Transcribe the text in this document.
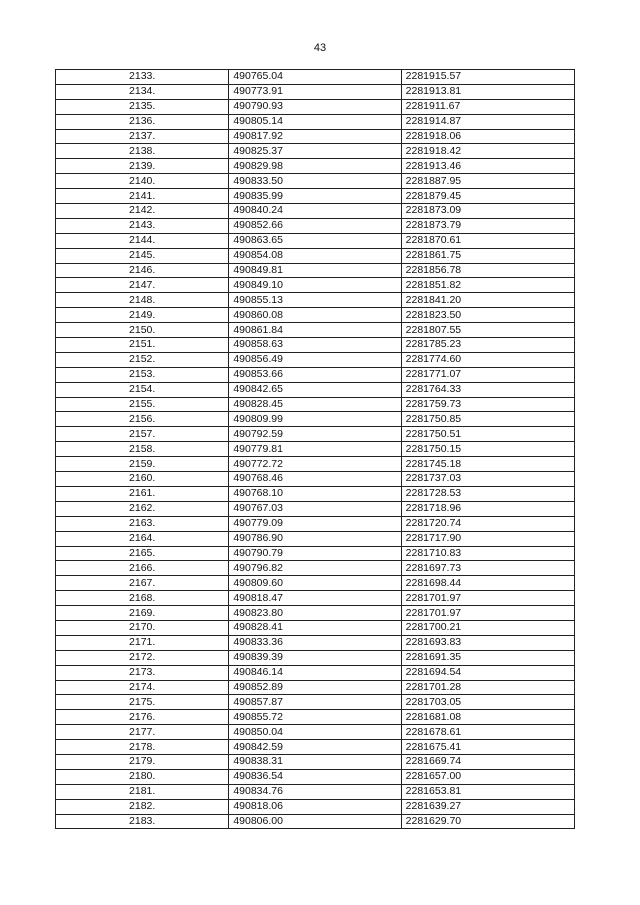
43
2133.	490765.04	2281915.57
2134.	490773.91	2281913.81
2135.	490790.93	2281911.67
2136.	490805.14	2281914.87
2137.	490817.92	2281918.06
2138.	490825.37	2281918.42
2139.	490829.98	2281913.46
2140.	490833.50	2281887.95
2141.	490835.99	2281879.45
2142.	490840.24	2281873.09
2143.	490852.66	2281873.79
2144.	490863.65	2281870.61
2145.	490854.08	2281861.75
2146.	490849.81	2281856.78
2147.	490849.10	2281851.82
2148.	490855.13	2281841.20
2149.	490860.08	2281823.50
2150.	490861.84	2281807.55
2151.	490858.63	2281785.23
2152.	490856.49	2281774.60
2153.	490853.66	2281771.07
2154.	490842.65	2281764.33
2155.	490828.45	2281759.73
2156.	490809.99	2281750.85
2157.	490792.59	2281750.51
2158.	490779.81	2281750.15
2159.	490772.72	2281745.18
2160.	490768.46	2281737.03
2161.	490768.10	2281728.53
2162.	490767.03	2281718.96
2163.	490779.09	2281720.74
2164.	490786.90	2281717.90
2165.	490790.79	2281710.83
2166.	490796.82	2281697.73
2167.	490809.60	2281698.44
2168.	490818.47	2281701.97
2169.	490823.80	2281701.97
2170.	490828.41	2281700.21
2171.	490833.36	2281693.83
2172.	490839.39	2281691.35
2173.	490846.14	2281694.54
2174.	490852.89	2281701.28
2175.	490857.87	2281703.05
2176.	490855.72	2281681.08
2177.	490850.04	2281678.61
2178.	490842.59	2281675.41
2179.	490838.31	2281669.74
2180.	490836.54	2281657.00
2181.	490834.76	2281653.81
2182.	490818.06	2281639.27
2183.	490806.00	2281629.70
